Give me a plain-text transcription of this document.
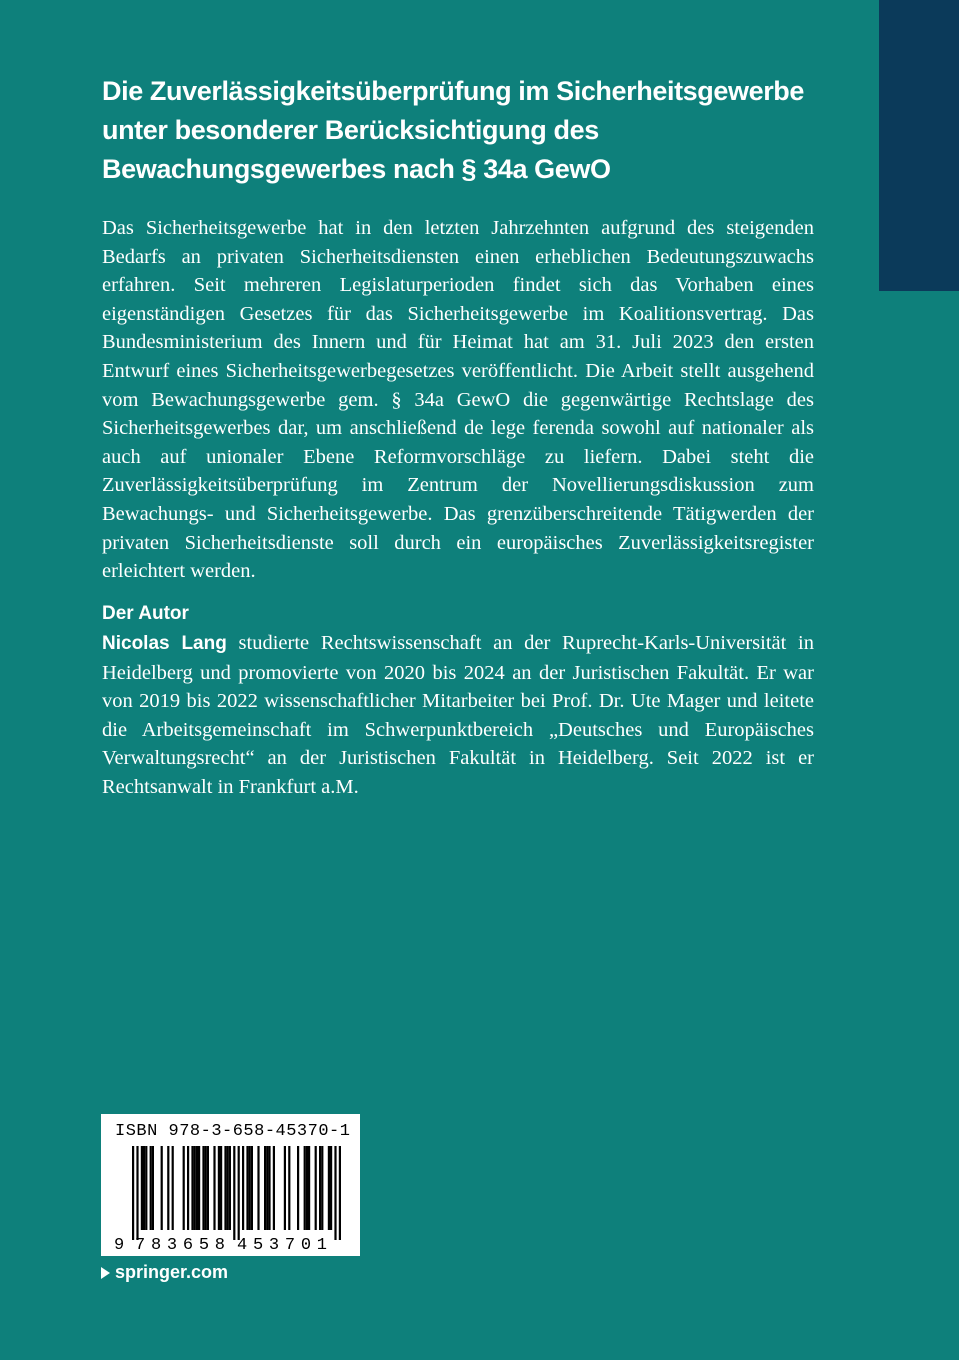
Die Zuverlässigkeitsüberprüfung im Sicherheitsgewerbe unter besonderer Berücksichtigung des Bewachungsgewerbes nach § 34a GewO

Das Sicherheitsgewerbe hat in den letzten Jahrzehnten aufgrund des steigenden Bedarfs an privaten Sicherheitsdiensten einen erheblichen Bedeutungszuwachs erfahren. Seit mehreren Legislaturperioden findet sich das Vorhaben eines eigenständigen Gesetzes für das Sicherheitsgewerbe im Koalitionsvertrag. Das Bundesministerium des Innern und für Heimat hat am 31. Juli 2023 den ersten Entwurf eines Sicherheitsgewerbegesetzes veröffentlicht. Die Arbeit stellt ausgehend vom Bewachungsgewerbe gem. § 34a GewO die gegenwärtige Rechtslage des Sicherheitsgewerbes dar, um anschließend de lege ferenda sowohl auf nationaler als auch auf unionaler Ebene Reformvorschläge zu liefern. Dabei steht die Zuverlässigkeitsüberprüfung im Zentrum der Novellierungsdiskussion zum Bewachungs- und Sicherheitsgewerbe. Das grenzüberschreitende Tätigwerden der privaten Sicherheitsdienste soll durch ein europäisches Zuverlässigkeitsregister erleichtert werden.

Der Autor
Nicolas Lang studierte Rechtswissenschaft an der Ruprecht-Karls-Universität in Heidelberg und promovierte von 2020 bis 2024 an der Juristischen Fakultät. Er war von 2019 bis 2022 wissenschaftlicher Mitarbeiter bei Prof. Dr. Ute Mager und leitete die Arbeitsgemeinschaft im Schwerpunktbereich „Deutsches und Europäisches Verwaltungsrecht“ an der Juristischen Fakultät in Heidelberg. Seit 2022 ist er Rechtsanwalt in Frankfurt a.M.
ISBN 978-3-658-45370-1
9 783658 453701
springer.com
